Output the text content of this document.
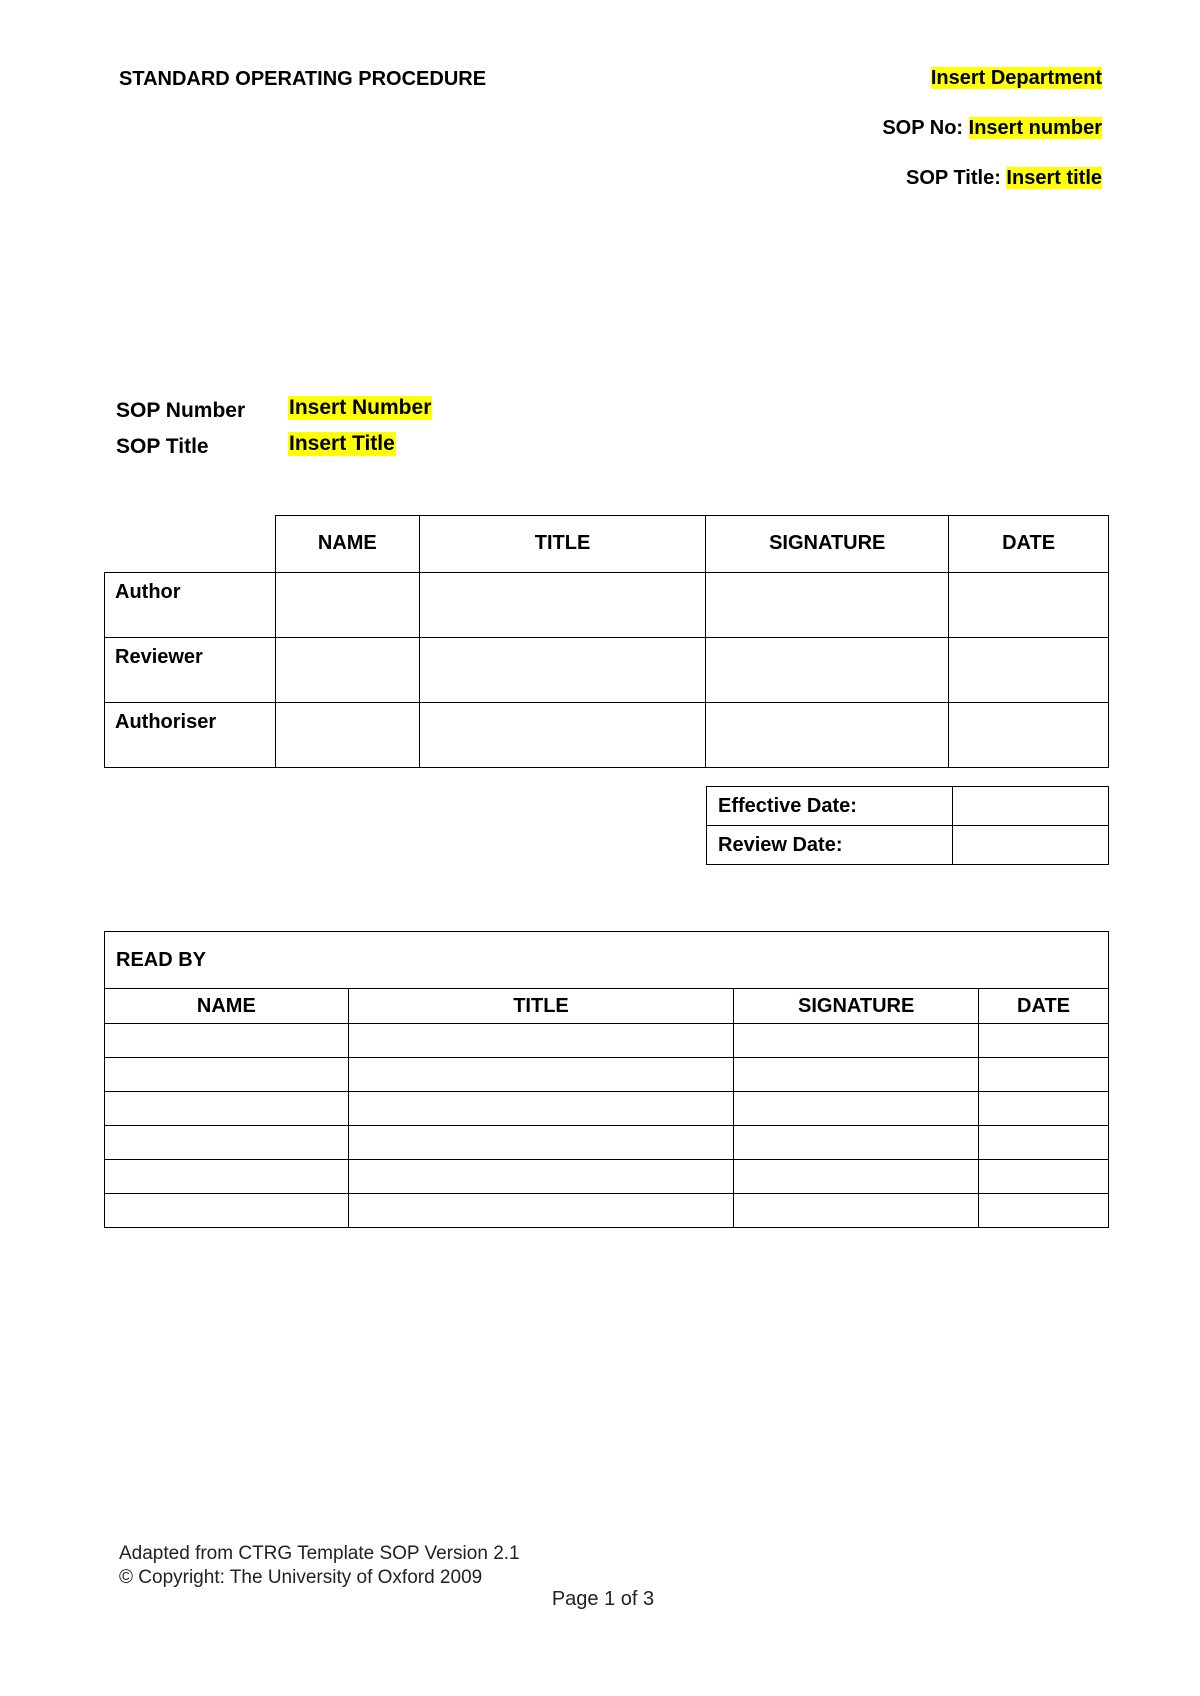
STANDARD OPERATING PROCEDURE	Insert Department
SOP No: Insert number
SOP Title: Insert title
SOP Number	Insert Number
SOP Title	Insert Title
	NAME	TITLE	SIGNATURE	DATE
Author				
Reviewer				
Authoriser				
Effective Date:	
Review Date:	
READ BY			
NAME	TITLE	SIGNATURE	DATE

Adapted from CTRG Template SOP Version 2.1
© Copyright: The University of Oxford 2009
Page 1 of 3
